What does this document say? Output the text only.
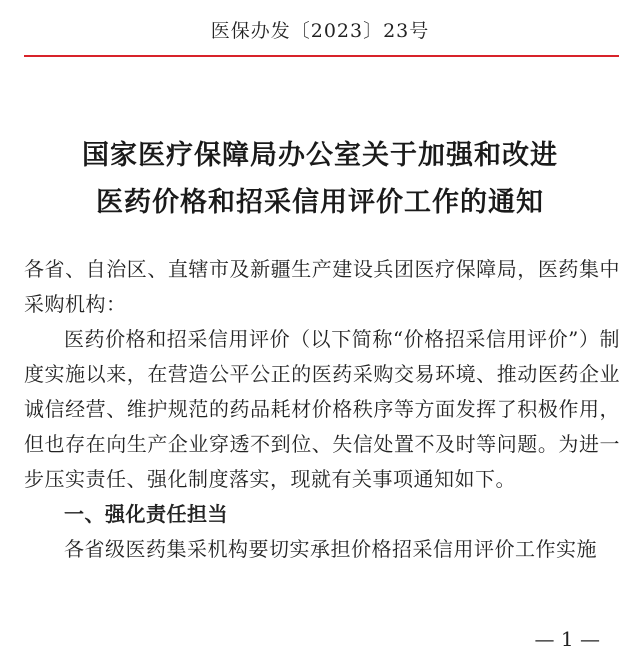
医保办发〔2023〕23号
国家医疗保障局办公室关于加强和改进
医药价格和招采信用评价工作的通知

各省、自治区、直辖市及新疆生产建设兵团医疗保障局，医药集中采购机构：

医药价格和招采信用评价（以下简称“价格招采信用评价”）制度实施以来，在营造公平公正的医药采购交易环境、推动医药企业诚信经营、维护规范的药品耗材价格秩序等方面发挥了积极作用，但也存在向生产企业穿透不到位、失信处置不及时等问题。为进一步压实责任、强化制度落实，现就有关事项通知如下。

一、强化责任担当

各省级医药集采机构要切实承担价格招采信用评价工作实施

— 1 —
